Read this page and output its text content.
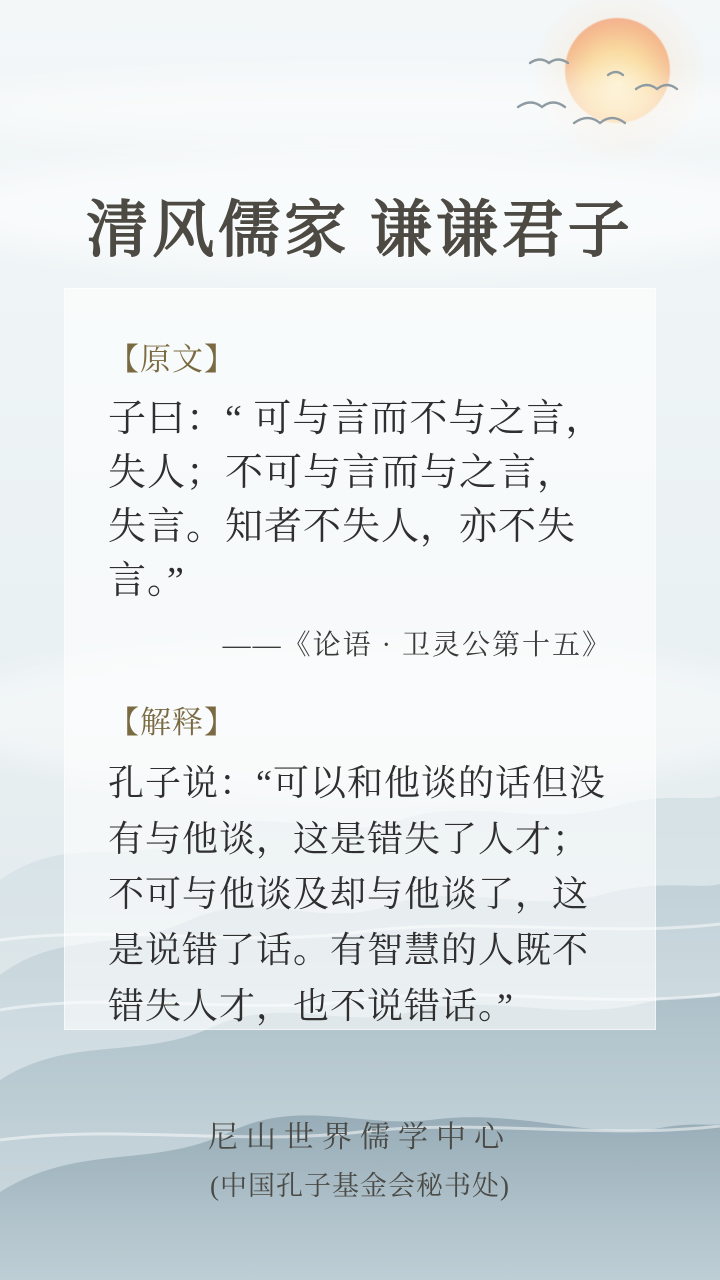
清风儒家 谦谦君子
【原文】

子曰：“ 可与言而不与之言，失人；不可与言而与之言，失言。知者不失人，亦不失言。”

——《论语 · 卫灵公第十五》

【解释】

孔子说：“可以和他谈的话但没有与他谈，这是错失了人才；不可与他谈及却与他谈了，这是说错了话。有智慧的人既不错失人才，也不说错话。”

尼山世界儒学中心
(中国孔子基金会秘书处)
